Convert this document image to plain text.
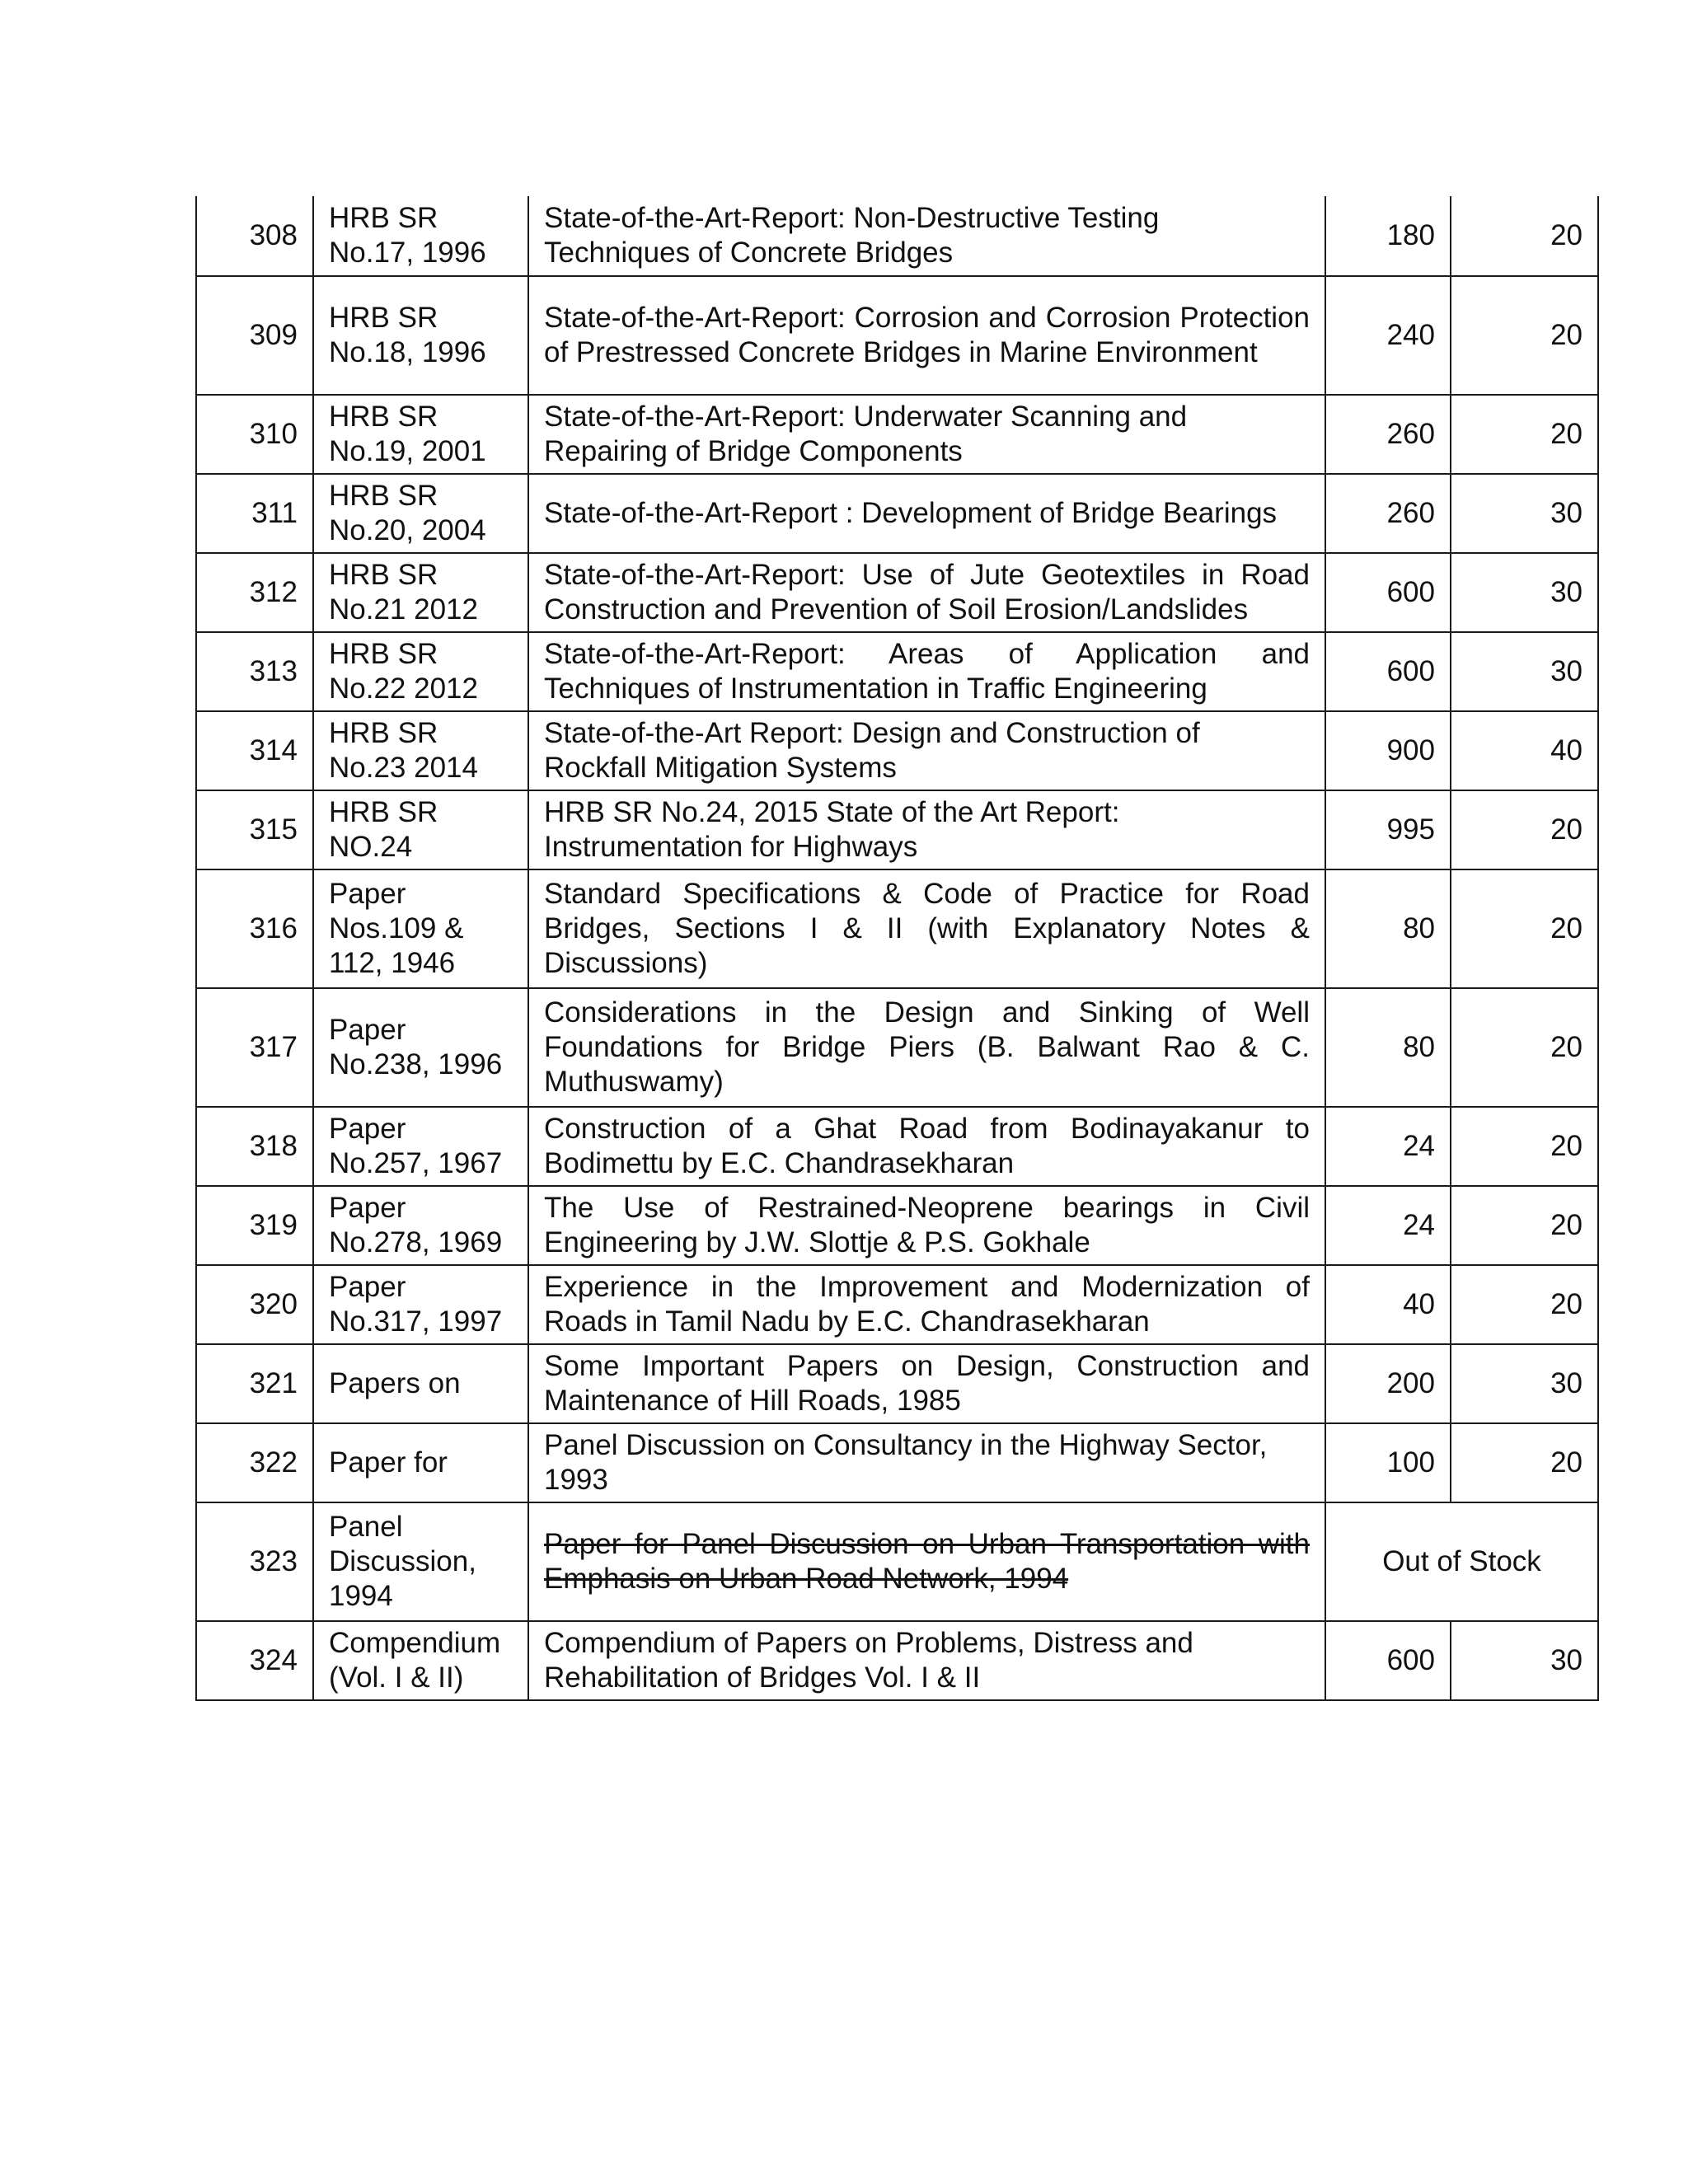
308	HRB SR No.17, 1996	State-of-the-Art-Report: Non-Destructive Testing Techniques of Concrete Bridges	180	20
309	HRB SR No.18, 1996	State-of-the-Art-Report: Corrosion and Corrosion Protection of Prestressed Concrete Bridges in Marine Environment	240	20
310	HRB SR No.19, 2001	State-of-the-Art-Report: Underwater Scanning and Repairing of Bridge Components	260	20
311	HRB SR No.20, 2004	State-of-the-Art-Report : Development of Bridge Bearings	260	30
312	HRB SR No.21 2012	State-of-the-Art-Report: Use of Jute Geotextiles in Road Construction and Prevention of Soil Erosion/Landslides	600	30
313	HRB SR No.22 2012	State-of-the-Art-Report: Areas of Application and Techniques of Instrumentation in Traffic Engineering	600	30
314	HRB SR No.23 2014	State-of-the-Art Report: Design and Construction of Rockfall Mitigation Systems	900	40
315	HRB SR NO.24	HRB SR No.24, 2015 State of the Art Report: Instrumentation for Highways	995	20
316	Paper Nos.109 & 112, 1946	Standard Specifications & Code of Practice for Road Bridges, Sections I & II (with Explanatory Notes & Discussions)	80	20
317	Paper No.238, 1996	Considerations in the Design and Sinking of Well Foundations for Bridge Piers (B. Balwant Rao & C. Muthuswamy)	80	20
318	Paper No.257, 1967	Construction of a Ghat Road from Bodinayakanur to Bodimettu by E.C. Chandrasekharan	24	20
319	Paper No.278, 1969	The Use of Restrained-Neoprene bearings in Civil Engineering by J.W. Slottje & P.S. Gokhale	24	20
320	Paper No.317, 1997	Experience in the Improvement and Modernization of Roads in Tamil Nadu by E.C. Chandrasekharan	40	20
321	Papers on	Some Important Papers on Design, Construction and Maintenance of Hill Roads, 1985	200	30
322	Paper for	Panel Discussion on Consultancy in the Highway Sector, 1993	100	20
323	Panel Discussion, 1994	Paper for Panel Discussion on Urban Transportation with Emphasis on Urban Road Network, 1994	Out of Stock	
324	Compendium (Vol. I & II)	Compendium of Papers on Problems, Distress and Rehabilitation of Bridges Vol. I & II	600	30
